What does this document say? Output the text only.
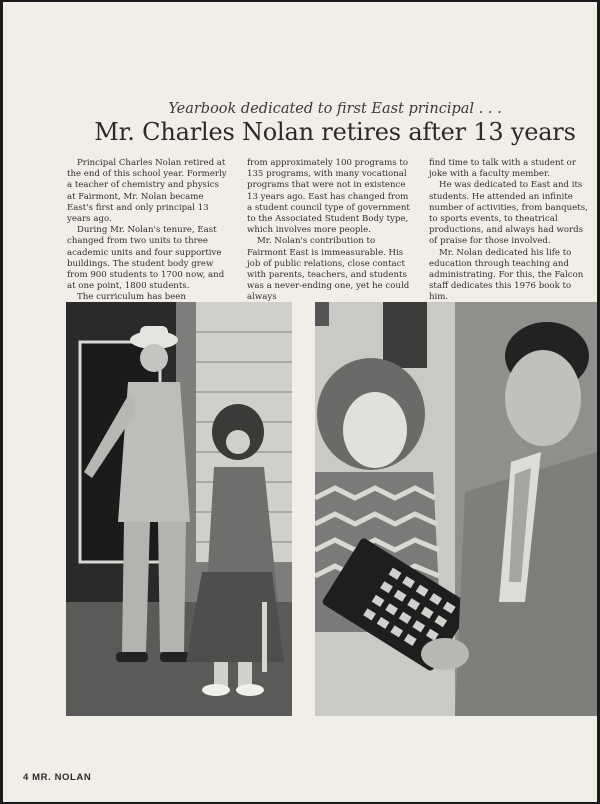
Yearbook dedicated to first East principal . . .
Mr. Charles Nolan retires after 13 years

Principal Charles Nolan retired at the end of this school year. Formerly a teacher of chemistry and physics at Fairmont, Mr. Nolan became East's first and only principal 13 years ago.

During Mr. Nolan's tenure, East changed from two units to three academic units and four supportive buildings. The student body grew from 900 students to 1700 now, and at one point, 1800 students.

The curriculum has been

from approximately 100 programs to 135 programs, with many vocational programs that were not in existence 13 years ago. East has changed from a student council type of government to the Associated Student Body type, which involves more people.

Mr. Nolan's contribution to Fairmont East is immeasurable. His job of public relations, close contact with parents, teachers, and students was a never-ending one, yet he could always

find time to talk with a student or joke with a faculty member.

He was dedicated to East and its students. He attended an infinite number of activities, from banquets, to sports events, to theatrical productions, and always had words of praise for those involved.

Mr. Nolan dedicated his life to education through teaching and administrating. For this, the Falcon staff dedicates this 1976 book to him.

4 MR. NOLAN
